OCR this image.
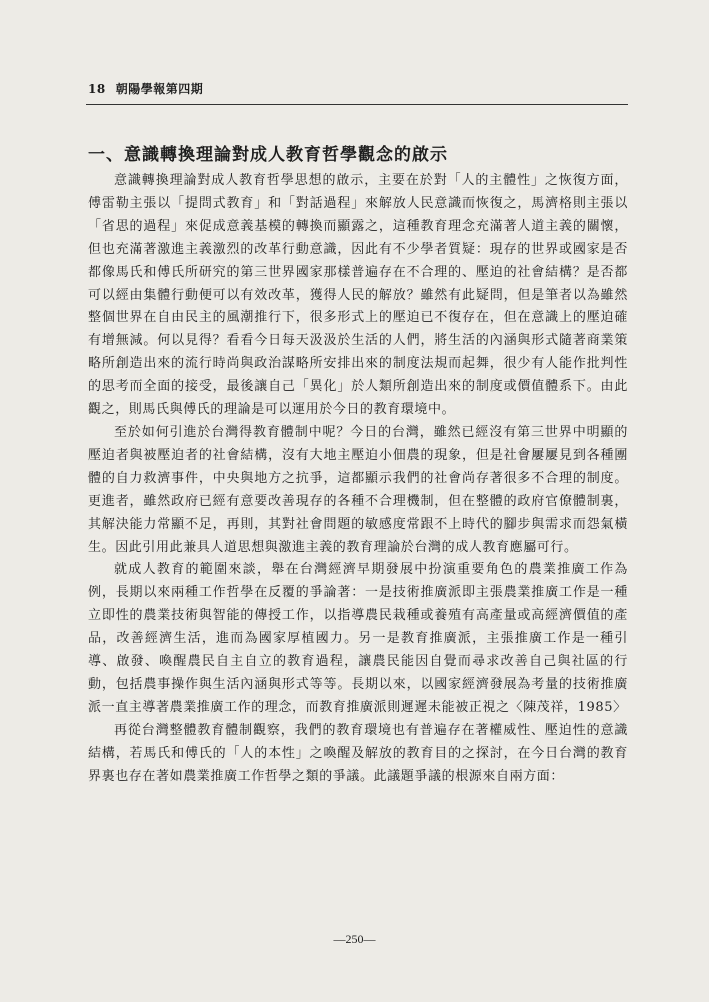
18 朝陽學報第四期
一、意識轉換理論對成人教育哲學觀念的啟示

意識轉換理論對成人教育哲學思想的啟示，主要在於對「人的主體性」之恢復方面，傅雷勒主張以「提問式教育」和「對話過程」來解放人民意識而恢復之，馬濟格則主張以「省思的過程」來促成意義基模的轉換而顯露之，這種教育理念充滿著人道主義的關懷，但也充滿著激進主義激烈的改革行動意識，因此有不少學者質疑：現存的世界或國家是否都像馬氏和傅氏所研究的第三世界國家那樣普遍存在不合理的、壓迫的社會結構？是否都可以經由集體行動便可以有效改革，獲得人民的解放？雖然有此疑問，但是筆者以為雖然整個世界在自由民主的風潮推行下，很多形式上的壓迫已不復存在，但在意識上的壓迫確有增無減。何以見得？看看今日每天汲汲於生活的人們，將生活的內涵與形式隨著商業策略所創造出來的流行時尚與政治謀略所安排出來的制度法規而起舞，很少有人能作批判性的思考而全面的接受，最後讓自己「異化」於人類所創造出來的制度或價值體系下。由此觀之，則馬氏與傅氏的理論是可以運用於今日的教育環境中。

至於如何引進於台灣得教育體制中呢？今日的台灣，雖然已經沒有第三世界中明顯的壓迫者與被壓迫者的社會結構，沒有大地主壓迫小佃農的現象，但是社會屢屢見到各種團體的自力救濟事件，中央與地方之抗爭，這都顯示我們的社會尚存著很多不合理的制度。更進者，雖然政府已經有意要改善現存的各種不合理機制，但在整體的政府官僚體制裏，其解決能力常顯不足，再則，其對社會問題的敏感度常跟不上時代的腳步與需求而怨氣橫生。因此引用此兼具人道思想與激進主義的教育理論於台灣的成人教育應屬可行。

就成人教育的範圍來談，舉在台灣經濟早期發展中扮演重要角色的農業推廣工作為例，長期以來兩種工作哲學在反覆的爭論著：一是技術推廣派即主張農業推廣工作是一種立即性的農業技術與智能的傳授工作，以指導農民栽種或養殖有高產量或高經濟價值的產品，改善經濟生活，進而為國家厚植國力。另一是教育推廣派，主張推廣工作是一種引導、啟發、喚醒農民自主自立的教育過程，讓農民能因自覺而尋求改善自己與社區的行動，包括農事操作與生活內涵與形式等等。長期以來，以國家經濟發展為考量的技術推廣派一直主導著農業推廣工作的理念，而教育推廣派則遲遲未能被正視之〈陳茂祥，1985〉

再從台灣整體教育體制觀察，我們的教育環境也有普遍存在著權威性、壓迫性的意識結構，若馬氏和傅氏的「人的本性」之喚醒及解放的教育目的之探討，在今日台灣的教育界裏也存在著如農業推廣工作哲學之類的爭議。此議題爭議的根源來自兩方面：

—250—
